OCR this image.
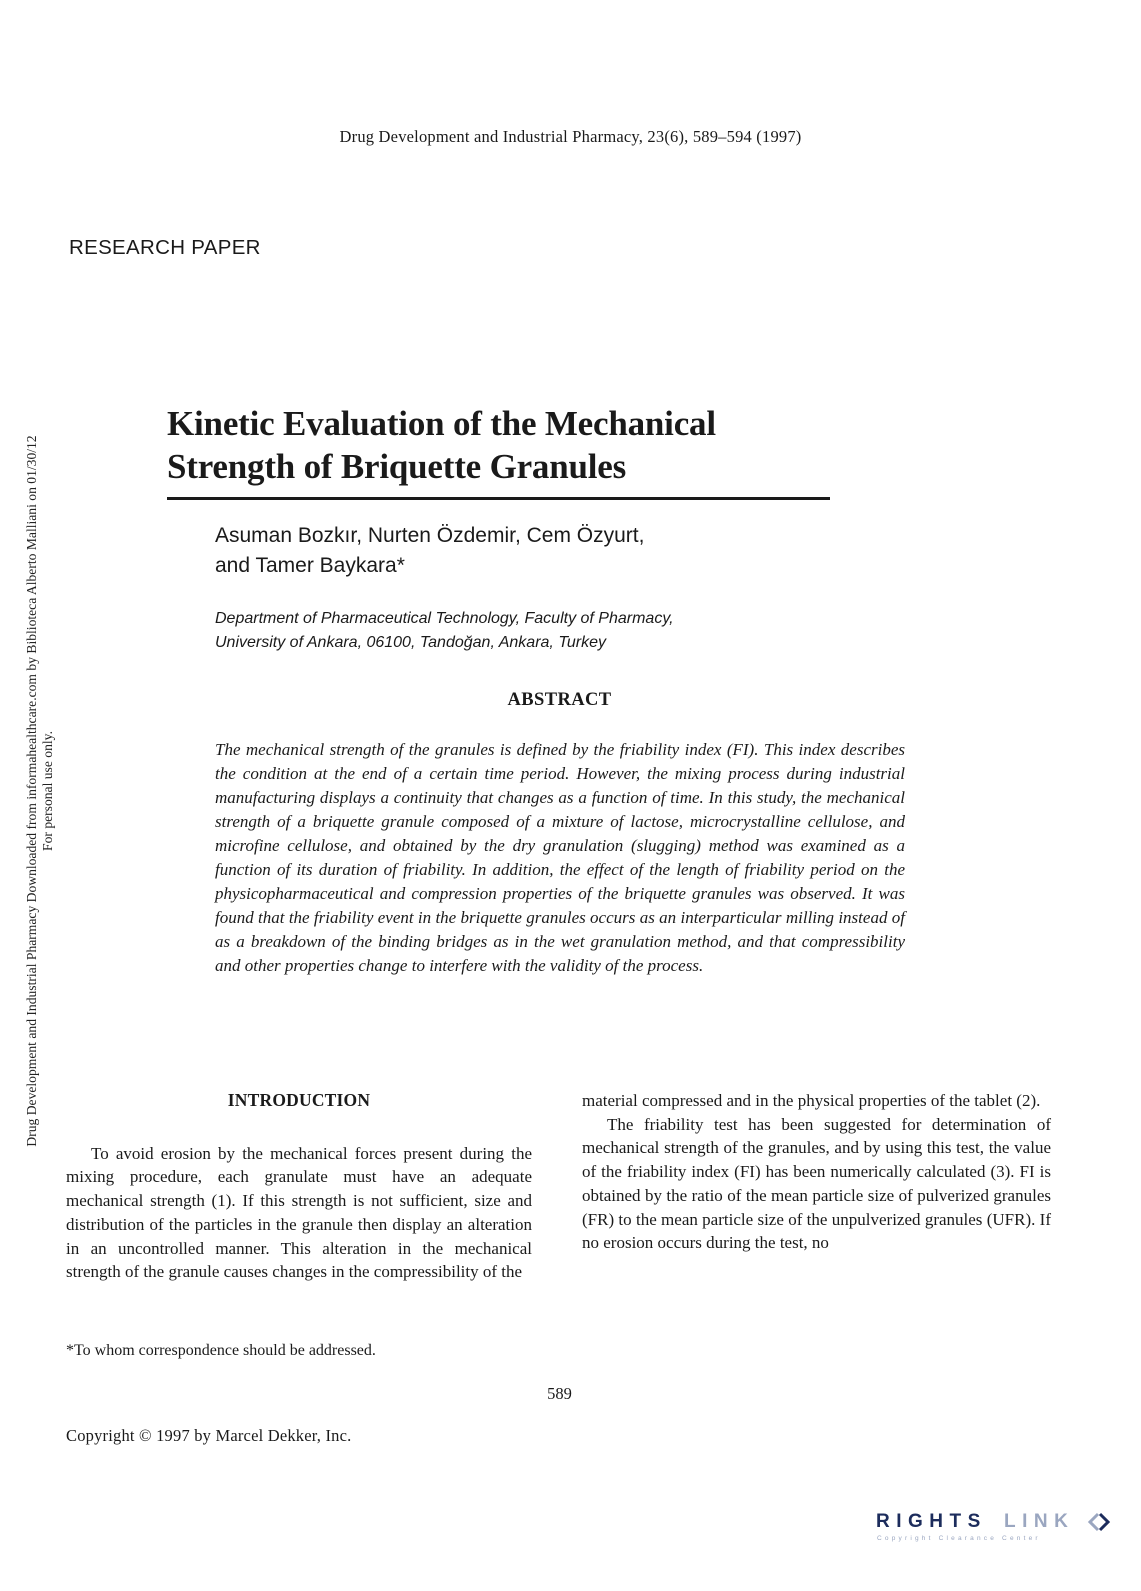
Drug Development and Industrial Pharmacy, 23(6), 589–594 (1997)
RESEARCH PAPER
Drug Development and Industrial Pharmacy Downloaded from informahealthcare.com by Biblioteca Alberto Malliani on 01/30/12 For personal use only.
Kinetic Evaluation of the Mechanical
Strength of Briquette Granules
Asuman Bozkır, Nurten Özdemir, Cem Özyurt,
and Tamer Baykara*
Department of Pharmaceutical Technology, Faculty of Pharmacy,
University of Ankara, 06100, Tandoğan, Ankara, Turkey
ABSTRACT

The mechanical strength of the granules is defined by the friability index (FI). This index describes the condition at the end of a certain time period. However, the mixing process during industrial manufacturing displays a continuity that changes as a function of time. In this study, the mechanical strength of a briquette granule composed of a mixture of lactose, microcrystalline cellulose, and microfine cellulose, and obtained by the dry granulation (slugging) method was examined as a function of its duration of friability. In addition, the effect of the length of friability period on the physicopharmaceutical and compression properties of the briquette granules was observed. It was found that the friability event in the briquette granules occurs as an interparticular milling instead of as a breakdown of the binding bridges as in the wet granulation method, and that compressibility and other properties change to interfere with the validity of the process.

INTRODUCTION

To avoid erosion by the mechanical forces present during the mixing procedure, each granulate must have an adequate mechanical strength (1). If this strength is not sufficient, size and distribution of the particles in the granule then display an alteration in an uncontrolled manner. This alteration in the mechanical strength of the granule causes changes in the compressibility of the

material compressed and in the physical properties of the tablet (2).

The friability test has been suggested for determination of mechanical strength of the granules, and by using this test, the value of the friability index (FI) has been numerically calculated (3). FI is obtained by the ratio of the mean particle size of pulverized granules (FR) to the mean particle size of the unpulverized granules (UFR). If no erosion occurs during the test, no

*To whom correspondence should be addressed.
589
Copyright © 1997 by Marcel Dekker, Inc.
RIGHTS LINK
Copyright Clearance Center
